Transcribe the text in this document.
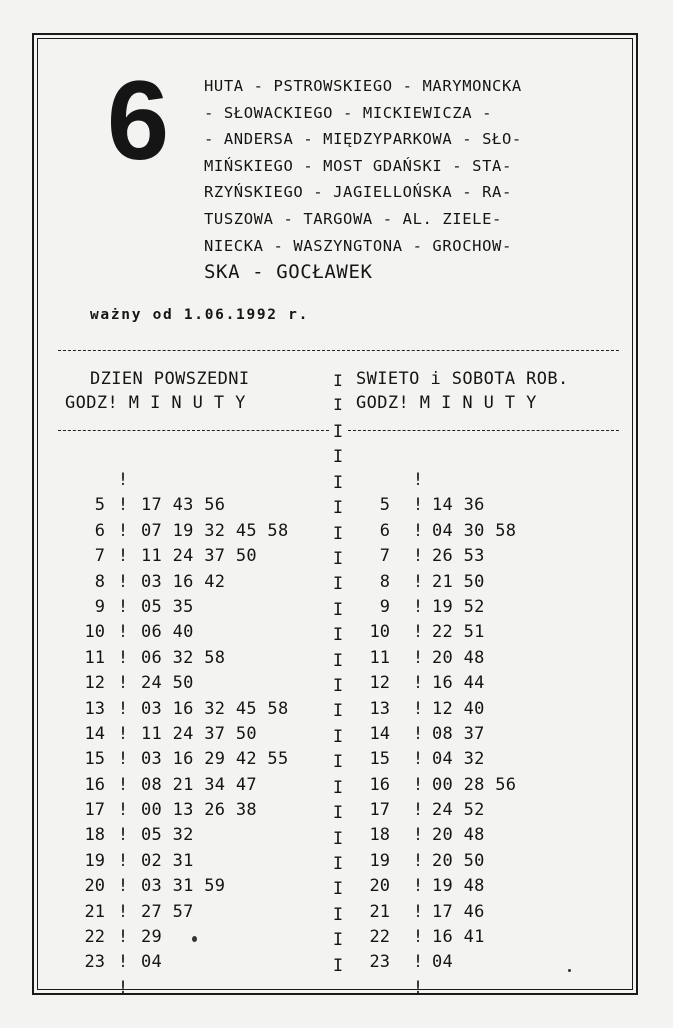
6	HUTA - PSTROWSKIEGO - MARYMONCKA
- SŁOWACKIEGO - MICKIEWICZA -
- ANDERSA - MIĘDZYPARKOWA - SŁO-
MIŃSKIEGO - MOST GDAŃSKI - STA-
RZYŃSKIEGO - JAGIELLOŃSKA - RA-
TUSZOWA - TARGOWA - AL. ZIELE-
NIECKA - WASZYNGTONA - GROCHOW-
SKA - GOCŁAWEK
ważny od 1.06.1992 r.
DZIEN POWSZEDNI
GODZ! M I N U T Y
SWIETO i SOBOTA ROB.
GODZ! M I N U T Y
I
I
I
I
I
I
I
I
I
I
I
I
I
I
I
I
I
I
I
I
I
I
I
I
!
5 ! 17 43 56
6 ! 07 19 32 45 58
7 ! 11 24 37 50
8 ! 03 16 42
9 ! 05 35
10 ! 06 40
11 ! 06 32 58
12 ! 24 50
13 ! 03 16 32 45 58
14 ! 11 24 37 50
15 ! 03 16 29 42 55
16 ! 08 21 34 47
17 ! 00 13 26 38
18 ! 05 32
19 ! 02 31
20 ! 03 31 59
21 ! 27 57
22 ! 29
23 ! 04
!
!
5 ! 14 36
6 ! 04 30 58
7 ! 26 53
8 ! 21 50
9 ! 19 52
10 ! 22 51
11 ! 20 48
12 ! 16 44
13 ! 12 40
14 ! 08 37
15 ! 04 32
16 ! 00 28 56
17 ! 24 52
18 ! 20 48
19 ! 20 50
20 ! 19 48
21 ! 17 46
22 ! 16 41
23 ! 04
!
